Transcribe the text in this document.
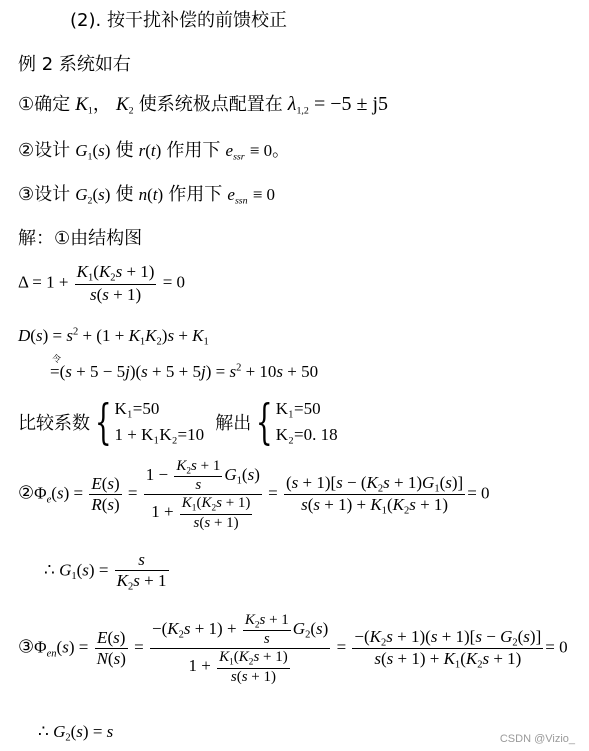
(2). 按干扰补偿的前馈校正
例 2 系统如右
①确定 $K_1$， $K_2$ 使系统极点配置在 $\lambda_{1,2} = -5 \pm j5$
②设计 $G_1(s)$ 使 r(t) 作用下 $e_{ssr} \equiv 0$。
③设计 $G_2(s)$ 使 n(t) 作用下 $e_{ssn} \equiv 0$
解：①由结构图
$\Delta = 1 + \frac{K_1(K_2s + 1)}{s(s + 1)} = 0$
$D(s) = s^2 + (1 + K_1K_2)s + K_1$
令
$=(s + 5 - 5j)(s + 5 + 5j) = s^2 + 10s + 50$
比较系数 { K₁=50
1 + K₁K₂=10
解出 { K₁=50
K₂=0. 18
$②\Phi_e(s) = \frac{E(s)}{R(s)} = \frac{1 - \frac{K_2s + 1}{s} G_1(s)}{1 + \frac{K_1(K_2s + 1)}{s(s + 1)}} = \frac{(s + 1)[s - (K_2s + 1)G_1(s)]}{s(s + 1) + K_1(K_2s + 1)} = 0$
∴ $G_1(s) = \frac{s}{K_2s + 1}$
$③\Phi_{en}(s) = \frac{E(s)}{N(s)} = \frac{-(K_2s + 1) + \frac{K_2s + 1}{s} G_2(s)}{1 + \frac{K_1(K_2s + 1)}{s(s + 1)}} = \frac{-(K_2s + 1)(s + 1)[s - G_2(s)]}{s(s + 1) + K_1(K_2s + 1)} = 0$
∴ $G_2(s) = s$	CSDN @Vizio_
